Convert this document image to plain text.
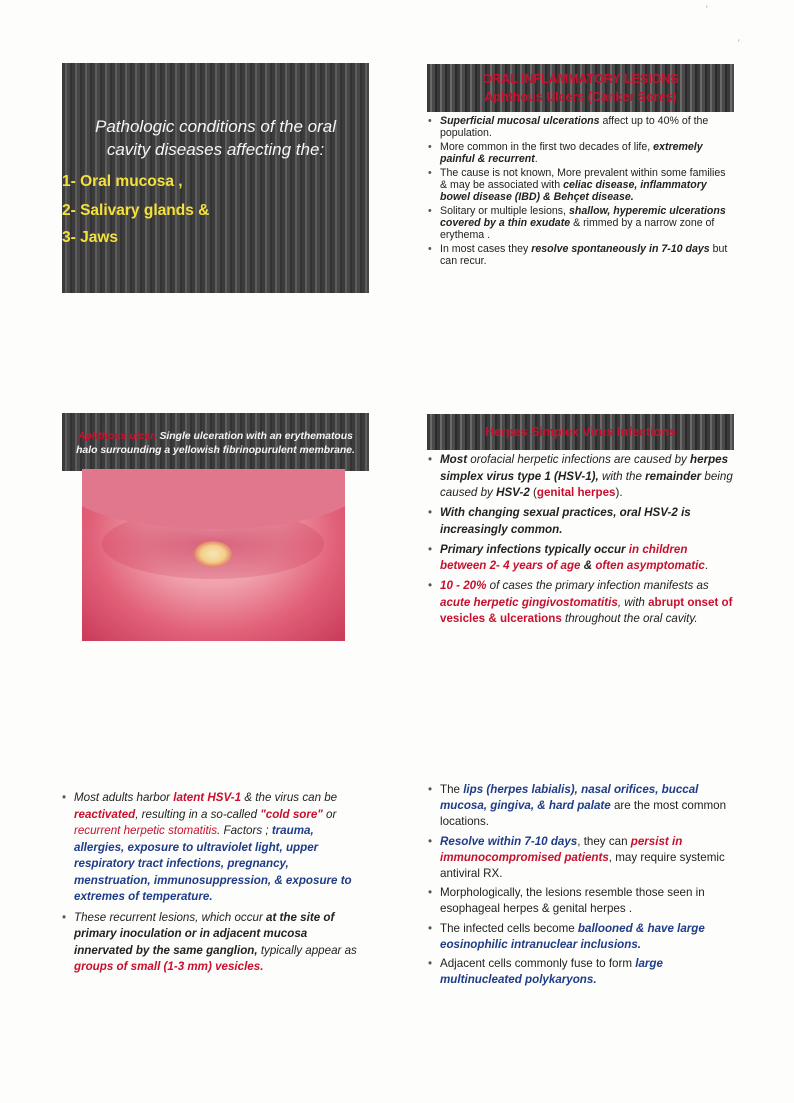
′
′
Pathologic conditions of the oral cavity diseases affecting the:
1- Oral mucosa ,
2- Salivary glands &
3- Jaws
ORAL INFLAMMATORY LESIONS
Aphthous Ulcers (Canker Sores)
• Superficial mucosal ulcerations affect up to 40% of the population.
• More common in the first two decades of life, extremely painful & recurrent.
• The cause is not known, More prevalent within some families & may be associated with celiac disease, inflammatory bowel disease (IBD) & Behçet disease.
• Solitary or multiple lesions, shallow, hyperemic ulcerations covered by a thin exudate & rimmed by a narrow zone of erythema .
• In most cases they resolve spontaneously in 7-10 days but can recur.
Aphthous ulcer. Single ulceration with an erythematous halo surrounding a yellowish fibrinopurulent membrane.
Herpes Simplex Virus Infections
• Most orofacial herpetic infections are caused by herpes simplex virus type 1 (HSV-1), with the remainder being caused by HSV-2 (genital herpes).
• With changing sexual practices, oral HSV-2 is increasingly common.
• Primary infections typically occur in children between 2- 4 years of age & often asymptomatic.
• 10 - 20% of cases the primary infection manifests as acute herpetic gingivostomatitis, with abrupt onset of vesicles & ulcerations throughout the oral cavity.
• Most adults harbor latent HSV-1 & the virus can be reactivated, resulting in a so-called "cold sore" or recurrent herpetic stomatitis. Factors ; trauma, allergies, exposure to ultraviolet light, upper respiratory tract infections, pregnancy, menstruation, immunosuppression, & exposure to extremes of temperature.
• These recurrent lesions, which occur at the site of primary inoculation or in adjacent mucosa innervated by the same ganglion, typically appear as groups of small (1-3 mm) vesicles.
• The lips (herpes labialis), nasal orifices, buccal mucosa, gingiva, & hard palate are the most common locations.
• Resolve within 7-10 days, they can persist in immunocompromised patients, may require systemic antiviral RX.
• Morphologically, the lesions resemble those seen in esophageal herpes & genital herpes .
• The infected cells become ballooned & have large eosinophilic intranuclear inclusions.
• Adjacent cells commonly fuse to form large multinucleated polykaryons.
